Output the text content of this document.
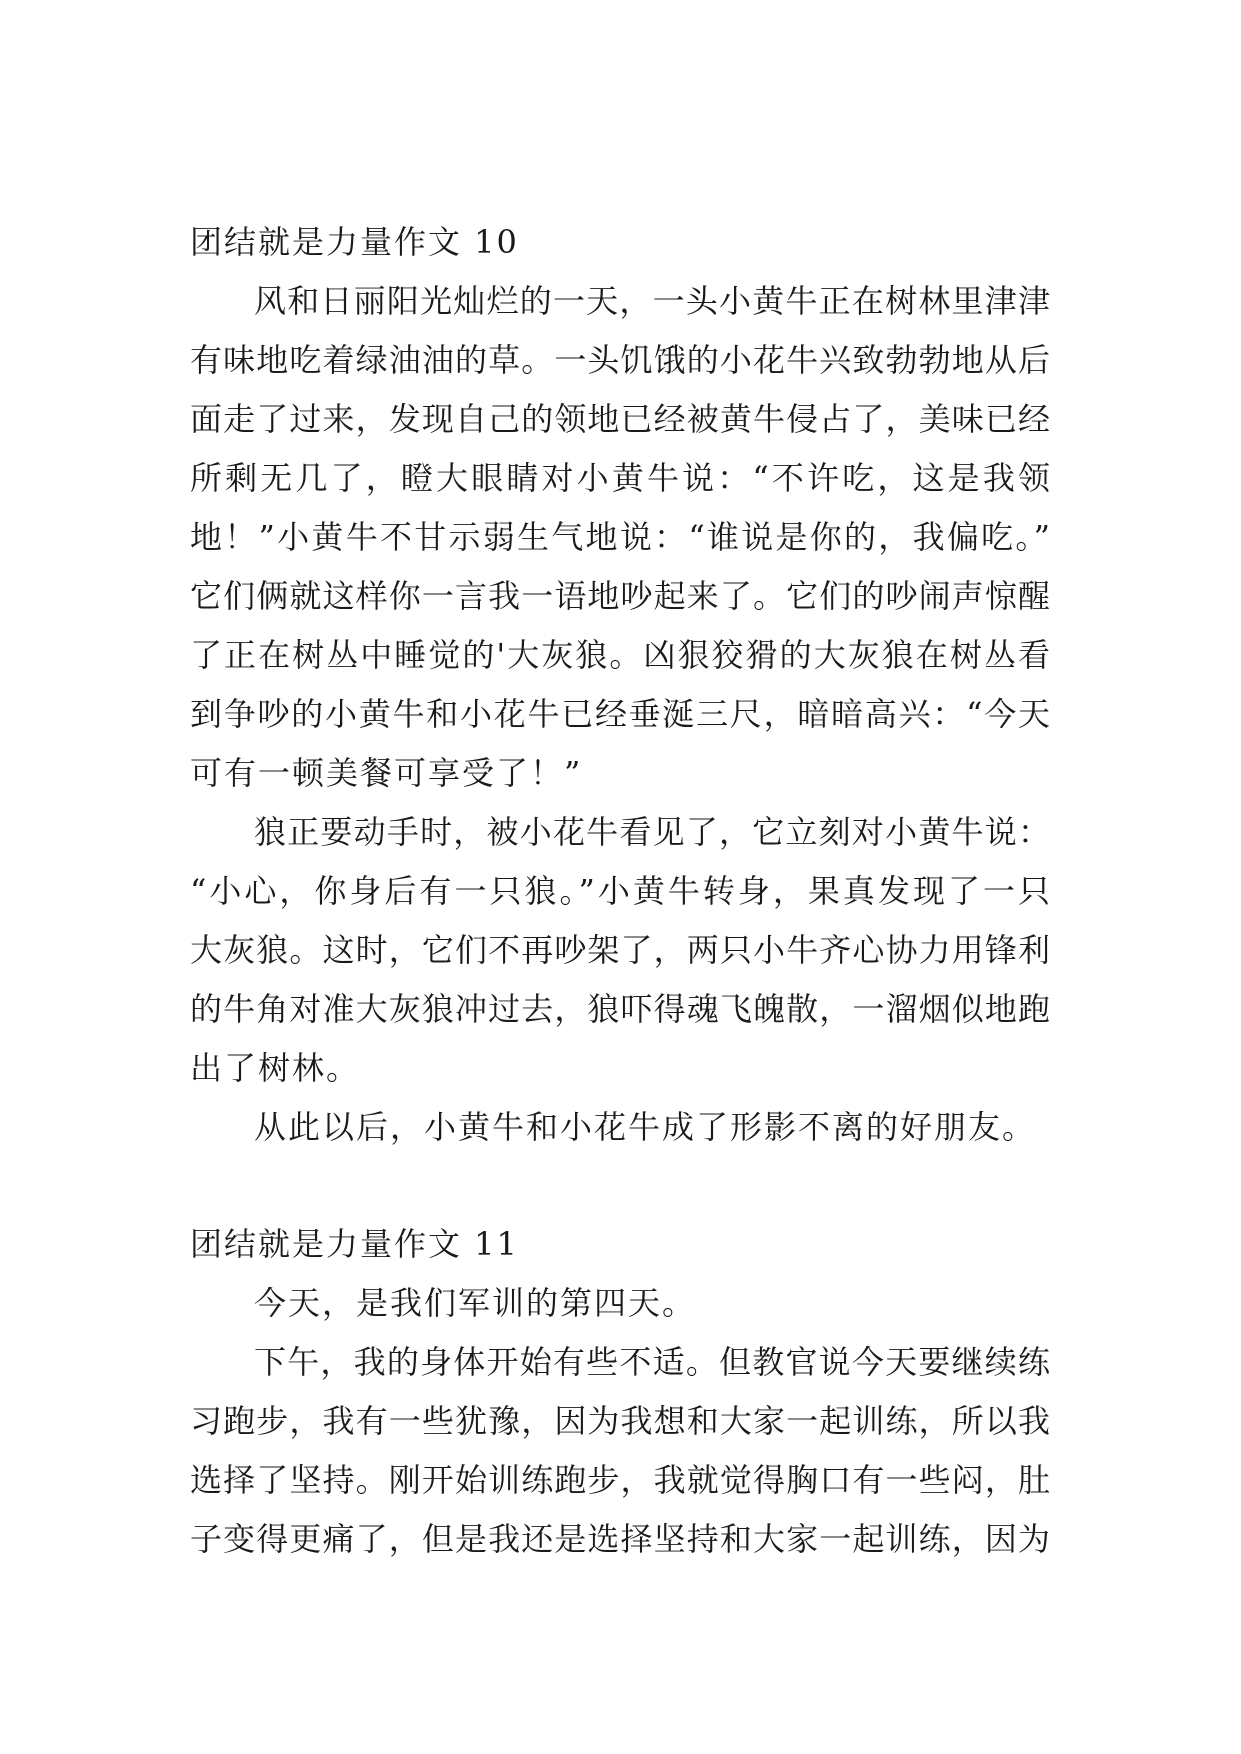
团结就是力量作文 10
风和日丽阳光灿烂的一天，一头小黄牛正在树林里津津
有味地吃着绿油油的草。一头饥饿的小花牛兴致勃勃地从后
面走了过来，发现自己的领地已经被黄牛侵占了，美味已经
所剩无几了，瞪大眼睛对小黄牛说：“不许吃，这是我领
地！”小黄牛不甘示弱生气地说：“谁说是你的，我偏吃。”
它们俩就这样你一言我一语地吵起来了。它们的吵闹声惊醒
了正在树丛中睡觉的'大灰狼。凶狠狡猾的大灰狼在树丛看
到争吵的小黄牛和小花牛已经垂涎三尺，暗暗高兴：“今天
可有一顿美餐可享受了！”
狼正要动手时，被小花牛看见了，它立刻对小黄牛说：
“小心，你身后有一只狼。”小黄牛转身，果真发现了一只
大灰狼。这时，它们不再吵架了，两只小牛齐心协力用锋利
的牛角对准大灰狼冲过去，狼吓得魂飞魄散，一溜烟似地跑
出了树林。
从此以后，小黄牛和小花牛成了形影不离的好朋友。
团结就是力量作文 11
今天，是我们军训的第四天。
下午，我的身体开始有些不适。但教官说今天要继续练
习跑步，我有一些犹豫，因为我想和大家一起训练，所以我
选择了坚持。刚开始训练跑步，我就觉得胸口有一些闷，肚
子变得更痛了，但是我还是选择坚持和大家一起训练，因为
